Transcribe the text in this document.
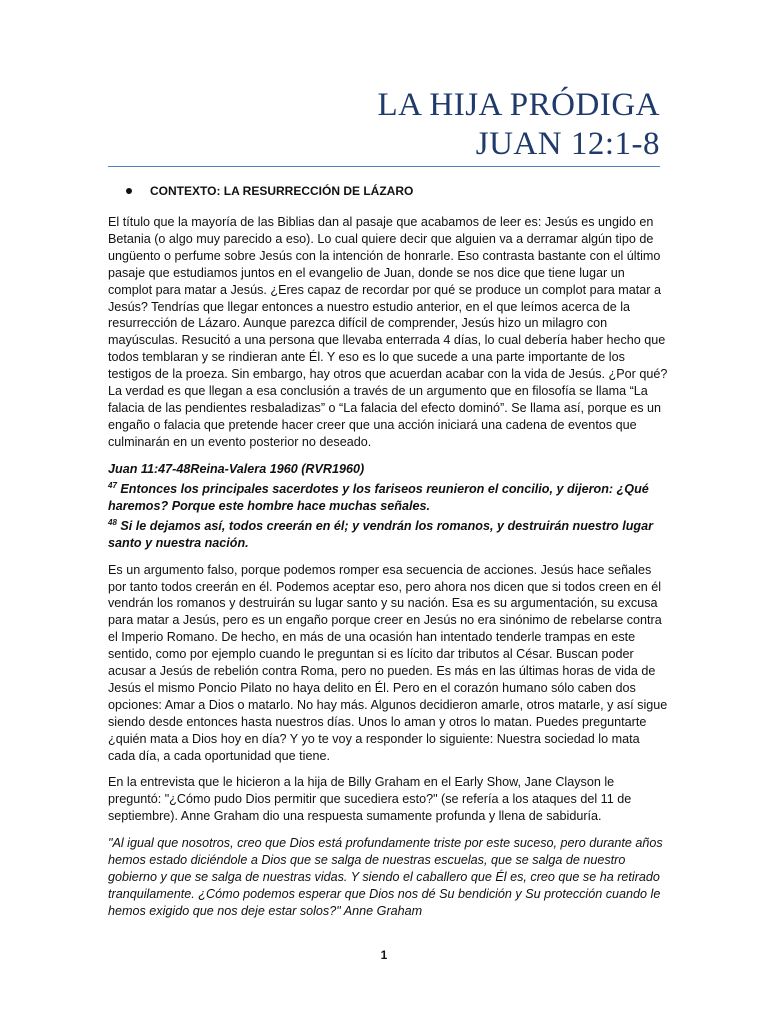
LA HIJA PRÓDIGA
JUAN 12:1-8
CONTEXTO: LA RESURRECCIÓN DE LÁZARO

El título que la mayoría de las Biblias dan al pasaje que acabamos de leer es: Jesús es ungido en Betania (o algo muy parecido a eso). Lo cual quiere decir que alguien va a derramar algún tipo de ungüento o perfume sobre Jesús con la intención de honrarle. Eso contrasta bastante con el último pasaje que estudiamos juntos en el evangelio de Juan, donde se nos dice que tiene lugar un complot para matar a Jesús. ¿Eres capaz de recordar por qué se produce un complot para matar a Jesús? Tendrías que llegar entonces a nuestro estudio anterior, en el que leímos acerca de la resurrección de Lázaro. Aunque parezca difícil de comprender, Jesús hizo un milagro con mayúsculas. Resucitó a una persona que llevaba enterrada 4 días, lo cual debería haber hecho que todos temblaran y se rindieran ante Él. Y eso es lo que sucede a una parte importante de los testigos de la proeza. Sin embargo, hay otros que acuerdan acabar con la vida de Jesús. ¿Por qué? La verdad es que llegan a esa conclusión a través de un argumento que en filosofía se llama “La falacia de las pendientes resbaladizas” o “La falacia del efecto dominó”. Se llama así, porque es un engaño o falacia que pretende hacer creer que una acción iniciará una cadena de eventos que culminarán en un evento posterior no deseado.

Juan 11:47-48Reina-Valera 1960 (RVR1960)
$^{47}$ Entonces los principales sacerdotes y los fariseos reunieron el concilio, y dijeron: ¿Qué haremos? Porque este hombre hace muchas señales.
$^{48}$ Si le dejamos así, todos creerán en él; y vendrán los romanos, y destruirán nuestro lugar santo y nuestra nación.

Es un argumento falso, porque podemos romper esa secuencia de acciones. Jesús hace señales por tanto todos creerán en él. Podemos aceptar eso, pero ahora nos dicen que si todos creen en él vendrán los romanos y destruirán su lugar santo y su nación. Esa es su argumentación, su excusa para matar a Jesús, pero es un engaño porque creer en Jesús no era sinónimo de rebelarse contra el Imperio Romano. De hecho, en más de una ocasión han intentado tenderle trampas en este sentido, como por ejemplo cuando le preguntan si es lícito dar tributos al César. Buscan poder acusar a Jesús de rebelión contra Roma, pero no pueden. Es más en las últimas horas de vida de Jesús el mismo Poncio Pilato no haya delito en Él. Pero en el corazón humano sólo caben dos opciones: Amar a Dios o matarlo. No hay más. Algunos decidieron amarle, otros matarle, y así sigue siendo desde entonces hasta nuestros días. Unos lo aman y otros lo matan. Puedes preguntarte ¿quién mata a Dios hoy en día? Y yo te voy a responder lo siguiente: Nuestra sociedad lo mata cada día, a cada oportunidad que tiene.

En la entrevista que le hicieron a la hija de Billy Graham en el Early Show, Jane Clayson le preguntó: "¿Cómo pudo Dios permitir que sucediera esto?" (se refería a los ataques del 11 de septiembre). Anne Graham dio una respuesta sumamente profunda y llena de sabiduría.

"Al igual que nosotros, creo que Dios está profundamente triste por este suceso, pero durante años hemos estado diciéndole a Dios que se salga de nuestras escuelas, que se salga de nuestro gobierno y que se salga de nuestras vidas. Y siendo el caballero que Él es, creo que se ha retirado tranquilamente. ¿Cómo podemos esperar que Dios nos dé Su bendición y Su protección cuando le hemos exigido que nos deje estar solos?" Anne Graham

1
